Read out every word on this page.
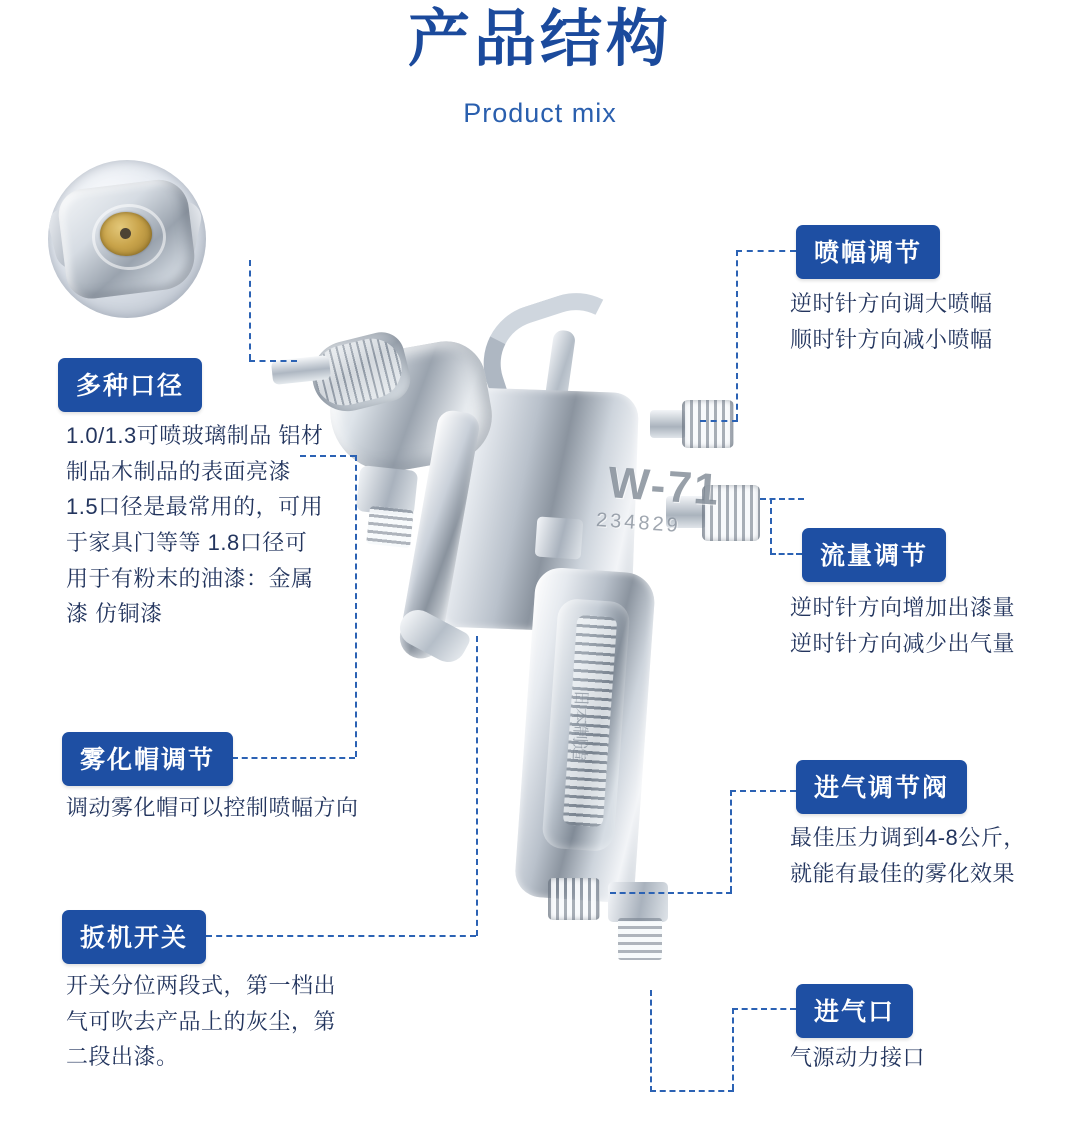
产品结构
Product mix
W-71
234829
日本制造
多种口径
1.0/1.3可喷玻璃制品 铝材
制品木制品的表面亮漆
1.5口径是最常用的，可用
于家具门等等 1.8口径可
用于有粉末的油漆：金属
漆 仿铜漆
雾化帽调节
调动雾化帽可以控制喷幅方向
扳机开关
开关分位两段式，第一档出
气可吹去产品上的灰尘，第
二段出漆。
喷幅调节
逆时针方向调大喷幅
顺时针方向减小喷幅
流量调节
逆时针方向增加出漆量
逆时针方向减少出气量
进气调节阀
最佳压力调到4-8公斤，
就能有最佳的雾化效果
进气口
气源动力接口
